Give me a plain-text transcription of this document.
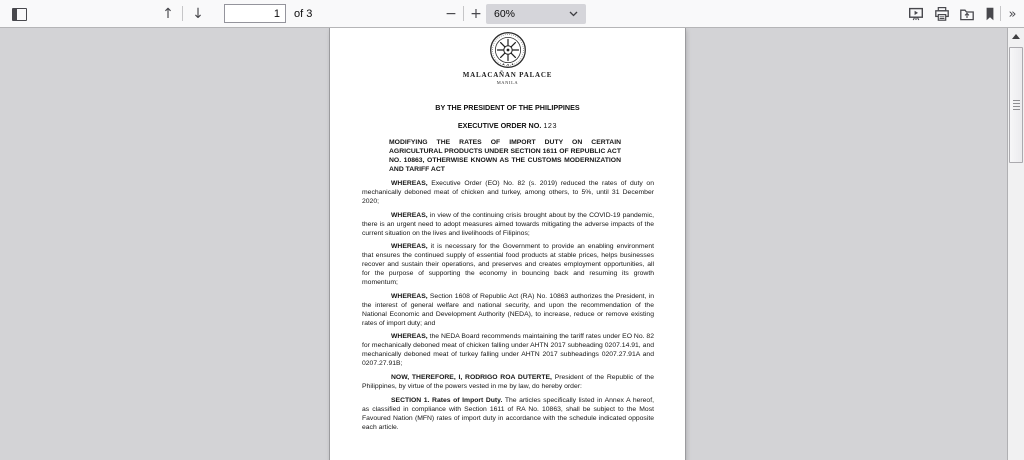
↑ ↓
1	of 3	− + 60%	»
MALACAÑAN PALACE
MANILA
BY THE PRESIDENT OF THE PHILIPPINES
EXECUTIVE ORDER NO. 123

MODIFYING THE RATES OF IMPORT DUTY ON CERTAIN AGRICULTURAL PRODUCTS UNDER SECTION 1611 OF REPUBLIC ACT NO. 10863, OTHERWISE KNOWN AS THE CUSTOMS MODERNIZATION AND TARIFF ACT

WHEREAS, Executive Order (EO) No. 82 (s. 2019) reduced the rates of duty on mechanically deboned meat of chicken and turkey, among others, to 5%, until 31 December 2020;

WHEREAS, in view of the continuing crisis brought about by the COVID-19 pandemic, there is an urgent need to adopt measures aimed towards mitigating the adverse impacts of the current situation on the lives and livelihoods of Filipinos;

WHEREAS, it is necessary for the Government to provide an enabling environment that ensures the continued supply of essential food products at stable prices, helps businesses recover and sustain their operations, and preserves and creates employment opportunities, all for the purpose of supporting the economy in bouncing back and resuming its growth momentum;

WHEREAS, Section 1608 of Republic Act (RA) No. 10863 authorizes the President, in the interest of general welfare and national security, and upon the recommendation of the National Economic and Development Authority (NEDA), to increase, reduce or remove existing rates of import duty; and

WHEREAS, the NEDA Board recommends maintaining the tariff rates under EO No. 82 for mechanically deboned meat of chicken falling under AHTN 2017 subheading 0207.14.91, and mechanically deboned meat of turkey falling under AHTN 2017 subheadings 0207.27.91A and 0207.27.91B;

NOW, THEREFORE, I, RODRIGO ROA DUTERTE, President of the Republic of the Philippines, by virtue of the powers vested in me by law, do hereby order:

SECTION 1. Rates of Import Duty. The articles specifically listed in Annex A hereof, as classified in compliance with Section 1611 of RA No. 10863, shall be subject to the Most Favoured Nation (MFN) rates of import duty in accordance with the schedule indicated opposite each article.
